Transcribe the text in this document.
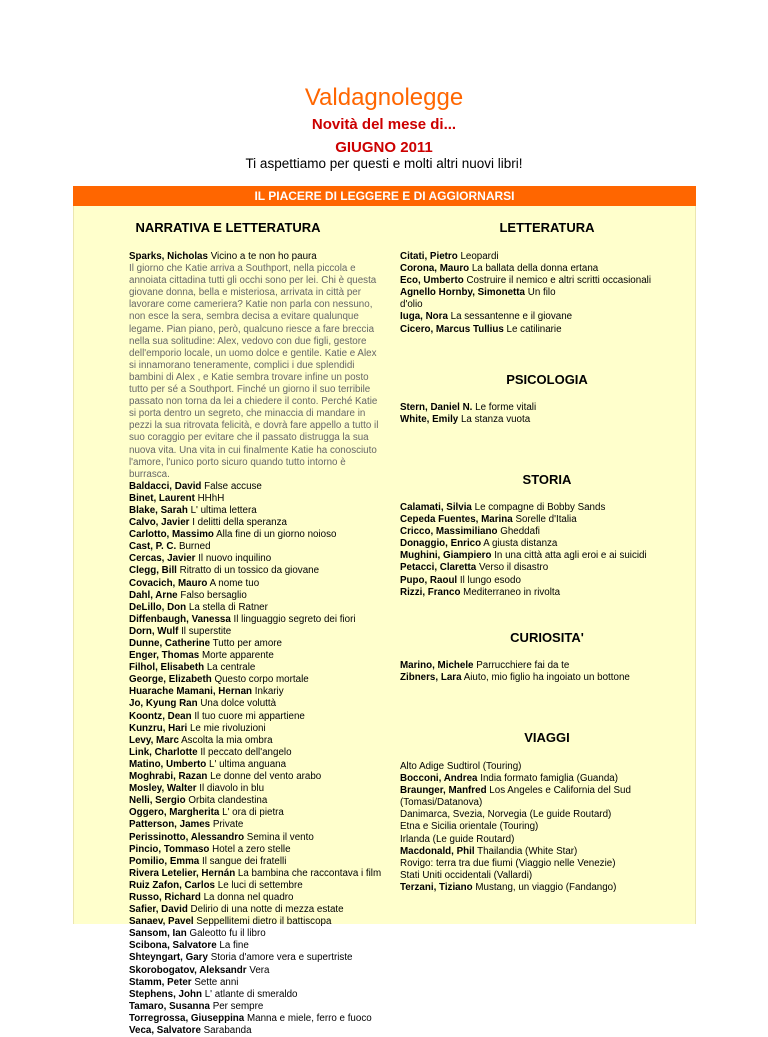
Valdagnolegge
Novità del mese di...
GIUGNO 2011
Ti aspettiamo per questi e molti altri nuovi libri!
IL PIACERE DI LEGGERE E DI AGGIORNARSI
NARRATIVA E LETTERATURA
Sparks, Nicholas Vicino a te non ho paura
Il giorno che Katie arriva a Southport, nella piccola e annoiata cittadina tutti gli occhi sono per lei. Chi è questa giovane donna, bella e misteriosa, arrivata in città per lavorare come cameriera? Katie non parla con nessuno, non esce la sera, sembra decisa a evitare qualunque legame. Pian piano, però, qualcuno riesce a fare breccia nella sua solitudine: Alex, vedovo con due figli, gestore dell'emporio locale, un uomo dolce e gentile. Katie e Alex si innamorano teneramente, complici i due splendidi bambini di Alex , e Katie sembra trovare infine un posto tutto per sé a Southport. Finché un giorno il suo terribile passato non torna da lei a chiedere il conto. Perché Katie si porta dentro un segreto, che minaccia di mandare in pezzi la sua ritrovata felicità, e dovrà fare appello a tutto il suo coraggio per evitare che il passato distrugga la sua nuova vita. Una vita in cui finalmente Katie ha conosciuto l'amore, l'unico porto sicuro quando tutto intorno è burrasca.
Baldacci, David False accuse
Binet, Laurent HHhH
Blake, Sarah L' ultima lettera
Calvo, Javier I delitti della speranza
Carlotto, Massimo Alla fine di un giorno noioso
Cast, P. C. Burned
Cercas, Javier Il nuovo inquilino
Clegg, Bill Ritratto di un tossico da giovane
Covacich, Mauro A nome tuo
Dahl, Arne Falso bersaglio
DeLillo, Don La stella di Ratner
Diffenbaugh, Vanessa Il linguaggio segreto dei fiori
Dorn, Wulf Il superstite
Dunne, Catherine Tutto per amore
Enger, Thomas Morte apparente
Filhol, Elisabeth La centrale
George, Elizabeth Questo corpo mortale
Huarache Mamani, Hernan Inkariy
Jo, Kyung Ran Una dolce voluttà
Koontz, Dean Il tuo cuore mi appartiene
Kunzru, Hari Le mie rivoluzioni
Levy, Marc Ascolta la mia ombra
Link, Charlotte Il peccato dell'angelo
Matino, Umberto L' ultima anguana
Moghrabi, Razan Le donne del vento arabo
Mosley, Walter Il diavolo in blu
Nelli, Sergio Orbita clandestina
Oggero, Margherita L' ora di pietra
Patterson, James Private
Perissinotto, Alessandro Semina il vento
Pincio, Tommaso Hotel a zero stelle
Pomilio, Emma Il sangue dei fratelli
Rivera Letelier, Hernán La bambina che raccontava i film
Ruiz Zafon, Carlos Le luci di settembre
Russo, Richard La donna nel quadro
Safier, David Delirio di una notte di mezza estate
Sanaev, Pavel Seppellitemi dietro il battiscopa
Sansom, Ian Galeotto fu il libro
Scibona, Salvatore La fine
Shteyngart, Gary Storia d'amore vera e supertriste
Skorobogatov, Aleksandr Vera
Stamm, Peter Sette anni
Stephens, John L' atlante di smeraldo
Tamaro, Susanna Per sempre
Torregrossa, Giuseppina Manna e miele, ferro e fuoco
Veca, Salvatore Sarabanda
LETTERATURA
Citati, Pietro Leopardi
Corona, Mauro La ballata della donna ertana
Eco, Umberto Costruire il nemico e altri scritti occasionali
Agnello Hornby, Simonetta Un filo
d'olio
Iuga, Nora La sessantenne e il giovane
Cicero, Marcus Tullius Le catilinarie
PSICOLOGIA
Stern, Daniel N. Le forme vitali
White, Emily La stanza vuota
STORIA
Calamati, Silvia Le compagne di Bobby Sands
Cepeda Fuentes, Marina Sorelle d'Italia
Cricco, Massimiliano Gheddafi
Donaggio, Enrico A giusta distanza
Mughini, Giampiero In una città atta agli eroi e ai suicidi
Petacci, Claretta Verso il disastro
Pupo, Raoul Il lungo esodo
Rizzi, Franco Mediterraneo in rivolta
CURIOSITA'
Marino, Michele Parrucchiere fai da te
Zibners, Lara Aiuto, mio figlio ha ingoiato un bottone
VIAGGI
Alto Adige Sudtirol (Touring)
Bocconi, Andrea India formato famiglia (Guanda)
Braunger, Manfred Los Angeles e California del Sud
(Tomasi/Datanova)
Danimarca, Svezia, Norvegia (Le guide Routard)
Etna e Sicilia orientale (Touring)
Irlanda (Le guide Routard)
Macdonald, Phil Thailandia (White Star)
Rovigo: terra tra due fiumi (Viaggio nelle Venezie)
Stati Uniti occidentali (Vallardi)
Terzani, Tiziano Mustang, un viaggio (Fandango)
